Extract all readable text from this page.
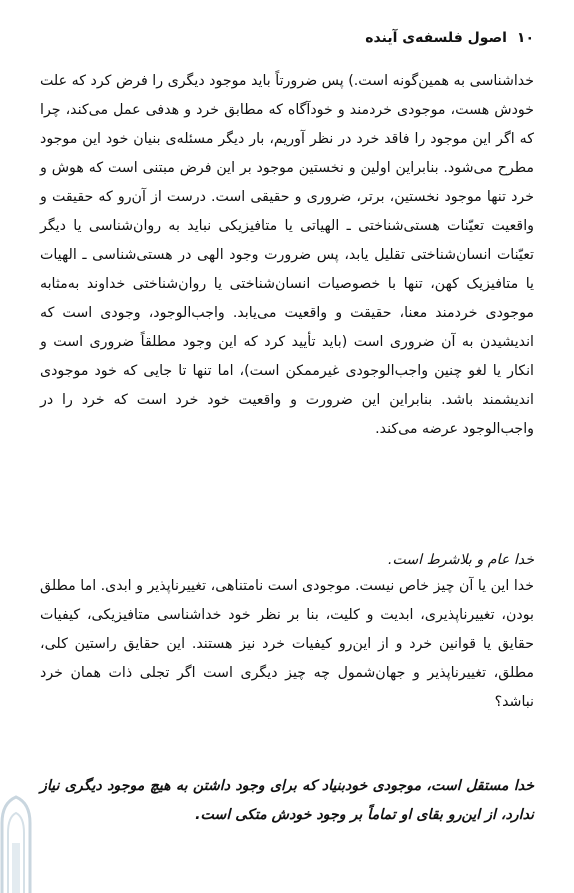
۱۰
اصول فلسفه‌ی آینده

خداشناسی به همین‌گونه است.) پس ضرورتاً باید موجود دیگری را فرض کرد که علت خودش هست، موجودی خردمند و خودآگاه که مطابق خرد و هدفی عمل می‌کند، چرا که اگر این موجود را فاقد خرد در نظر آوریم، بار دیگر مسئله‌ی بنیان خود این موجود مطرح می‌شود. بنابراین اولین و نخستین موجود بر این فرض مبتنی است که هوش و خرد تنها موجود نخستین، برتر، ضروری و حقیقی است. درست از آن‌رو که حقیقت و واقعیت تعیّنات هستی‌شناختی ـ الهیاتی یا متافیزیکی نباید به روان‌شناسی یا دیگر تعیّنات انسان‌شناختی تقلیل یابد، پس ضرورت وجود الهی در هستی‌شناسی ـ الهیات یا متافیزیک کهن، تنها با خصوصیات انسان‌شناختی یا روان‌شناختی خداوند به‌مثابه موجودی خردمند معنا، حقیقت و واقعیت می‌یابد. واجب‌الوجود، وجودی است که اندیشیدن به آن ضروری است (باید تأیید کرد که این وجود مطلقاً ضروری است و انکار یا لغو چنین واجب‌الوجودی غیرممکن است)، اما تنها تا جایی که خود موجودی اندیشمند باشد. بنابراین این ضرورت و واقعیت خود خرد است که خرد را در واجب‌الوجود عرضه می‌کند.

خدا عام و بلاشرط است.

خدا این یا آن چیز خاص نیست. موجودی است نامتناهی، تغییرناپذیر و ابدی. اما مطلق بودن، تغییرناپذیری، ابدیت و کلیت، بنا بر نظر خود خداشناسی متافیزیکی، کیفیات حقایق یا قوانین خرد و از این‌رو کیفیات خرد نیز هستند. این حقایق راستین کلی، مطلق، تغییرناپذیر و جهان‌شمول چه چیز دیگری است اگر تجلی ذات همان خرد نباشد؟

خدا مستقل است، موجودی خودبنیاد که برای وجود داشتن به هیچ موجود دیگری نیاز ندارد، از این‌رو بقای او تماماً بر وجود خودش متکی است.
